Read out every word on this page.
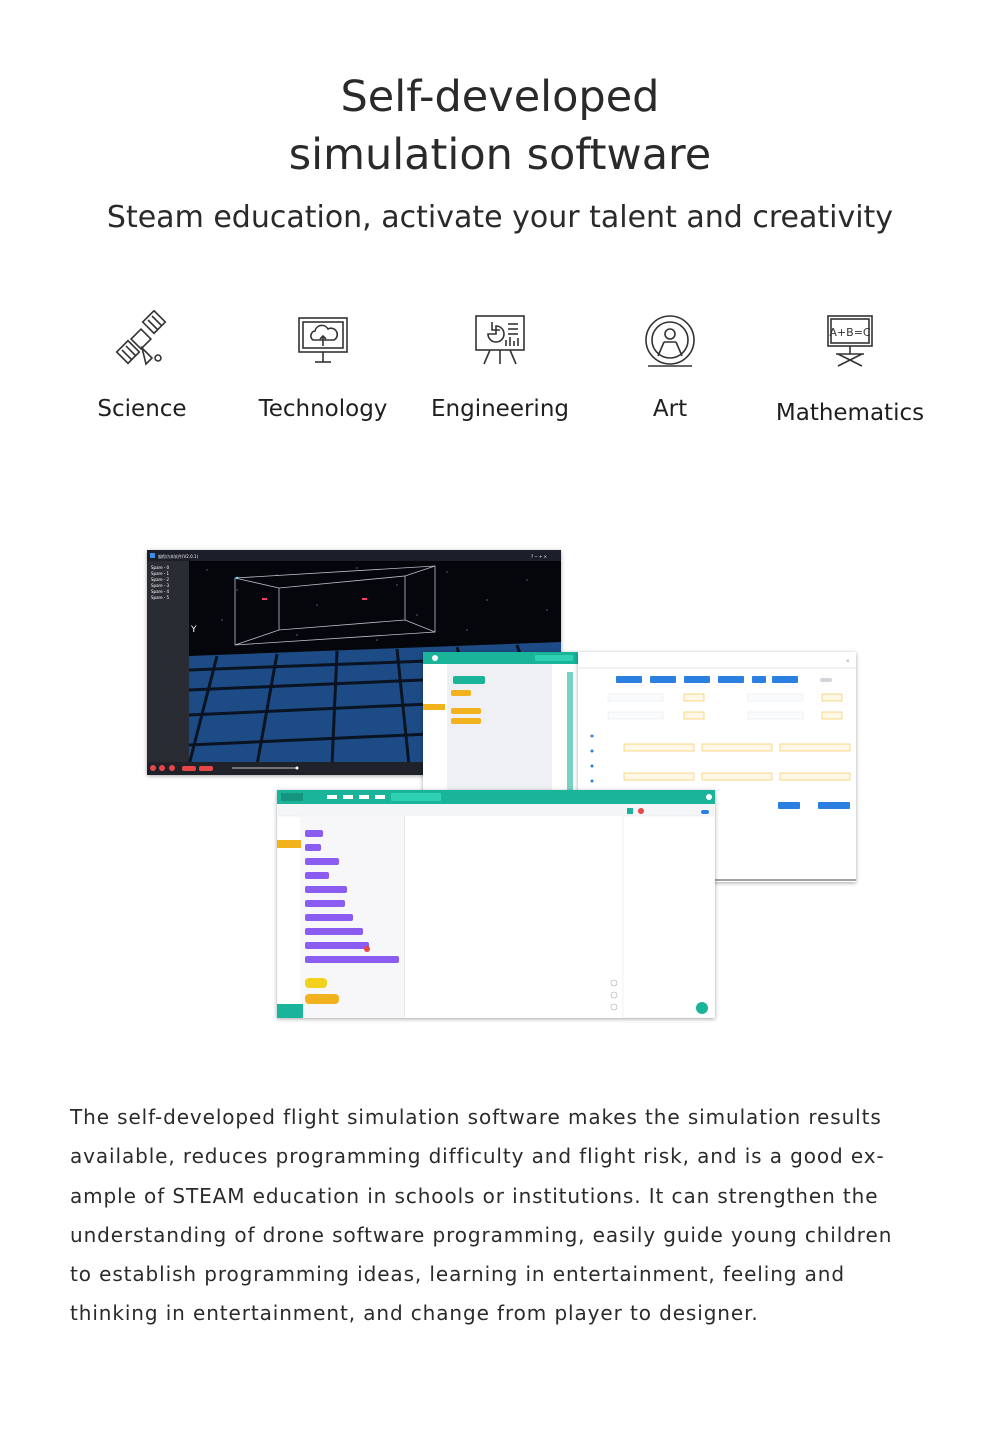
Self-developed
simulation software
Steam education, activate your talent and creativity
Science	Technology	Engineering	Art
A+B=C
Mathematics
编程仿真软件(V2.0.1)	? − + ×
Spare - 0
Spare - 1
Spare - 2
Spare - 3
Spare - 4
Spare - 5
Y
×
The self-developed flight simulation software makes the simulation results
available, reduces programming difficulty and flight risk, and is a good ex-
ample of STEAM education in schools or institutions. It can strengthen the
understanding of drone software programming, easily guide young children
to establish programming ideas, learning in entertainment, feeling and
thinking in entertainment, and change from player to designer.
